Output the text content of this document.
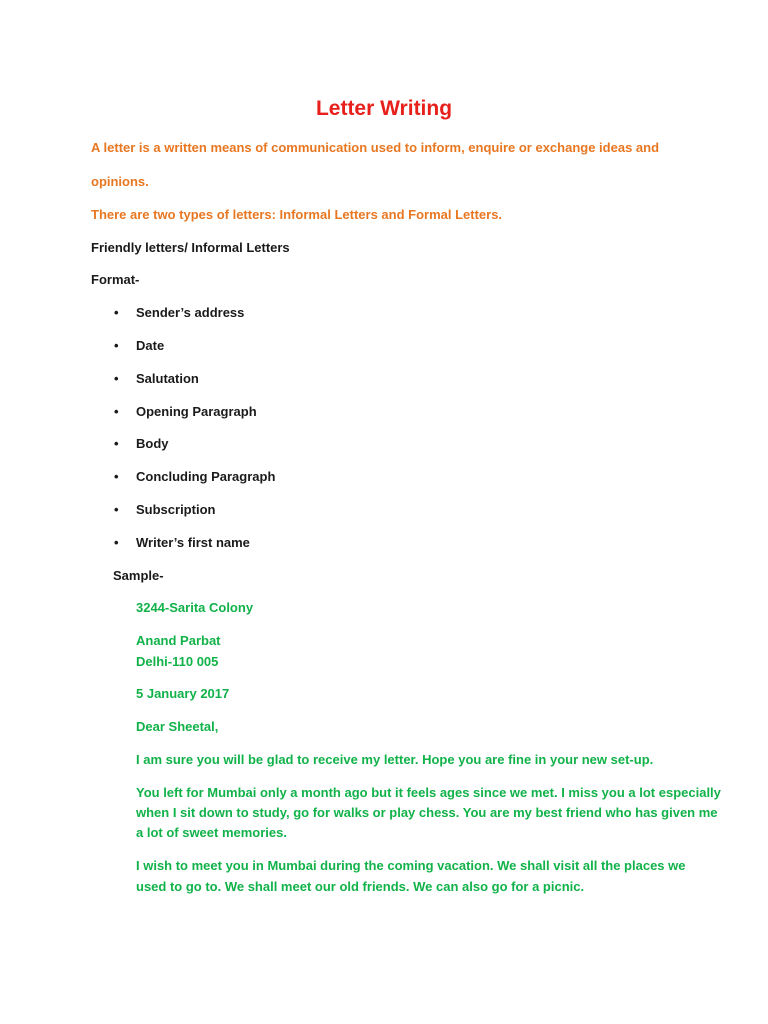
Letter Writing
A letter is a written means of communication used to inform, enquire or exchange ideas and
opinions.
There are two types of letters: Informal Letters and Formal Letters.
Friendly letters/ Informal Letters
Format-
• Sender’s address
• Date
• Salutation
• Opening Paragraph
• Body
• Concluding Paragraph
• Subscription
• Writer’s first name
Sample-
3244-Sarita Colony
Anand Parbat
Delhi-110 005
5 January 2017
Dear Sheetal,
I am sure you will be glad to receive my letter. Hope you are fine in your new set-up.
You left for Mumbai only a month ago but it feels ages since we met. I miss you a lot especially
when I sit down to study, go for walks or play chess. You are my best friend who has given me
a lot of sweet memories.
I wish to meet you in Mumbai during the coming vacation. We shall visit all the places we
used to go to. We shall meet our old friends. We can also go for a picnic.
